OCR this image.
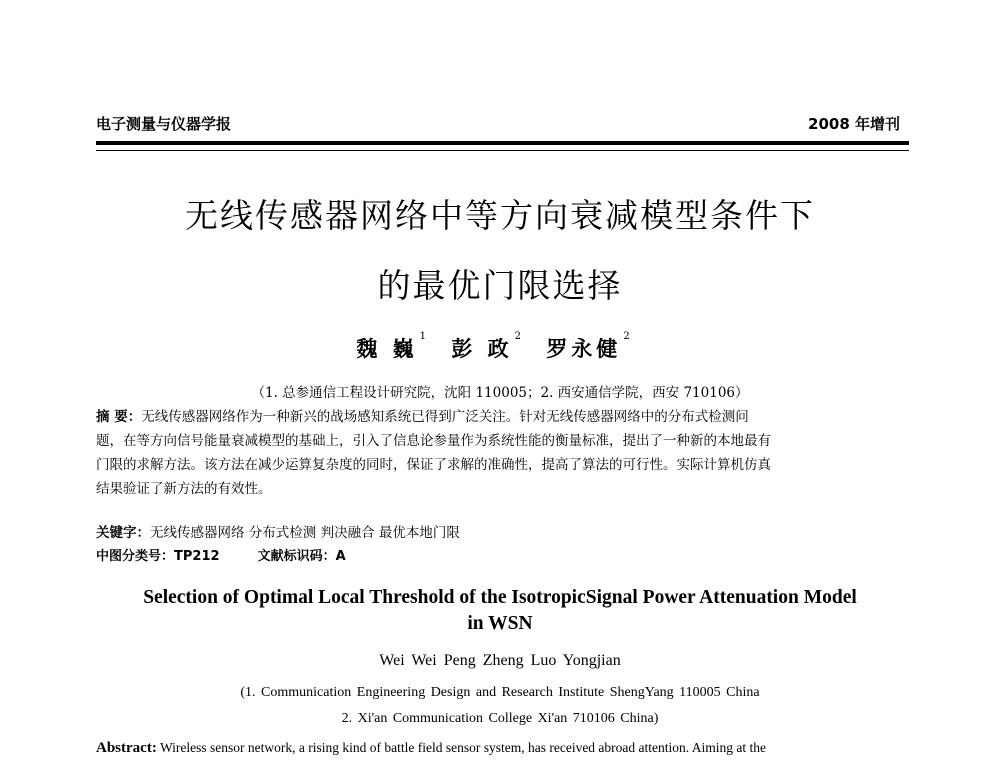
电子测量与仪器学报	2008 年增刊
无线传感器网络中等方向衰减模型条件下
的最优门限选择
魏 巍 $^1$ 彭 政 $^2$ 罗永健 $^2$
（1. 总参通信工程设计研究院，沈阳 110005；2. 西安通信学院，西安 710106）
摘 要：无线传感器网络作为一种新兴的战场感知系统已得到广泛关注。针对无线传感器网络中的分布式检测问
题，在等方向信号能量衰减模型的基础上，引入了信息论参量作为系统性能的衡量标准，提出了一种新的本地最有
门限的求解方法。该方法在减少运算复杂度的同时，保证了求解的准确性，提高了算法的可行性。实际计算机仿真
结果验证了新方法的有效性。
关键字：无线传感器网络 分布式检测 判决融合 最优本地门限
中图分类号：TP212	文献标识码：A
Selection of Optimal Local Threshold of the IsotropicSignal Power Attenuation Model
in WSN
Wei Wei Peng Zheng Luo Yongjian
(1. Communication Engineering Design and Research Institute ShengYang 110005 China
2. Xi'an Communication College Xi'an 710106 China)
Abstract: Wireless sensor network, a rising kind of battle field sensor system, has received abroad attention. Aiming at the
